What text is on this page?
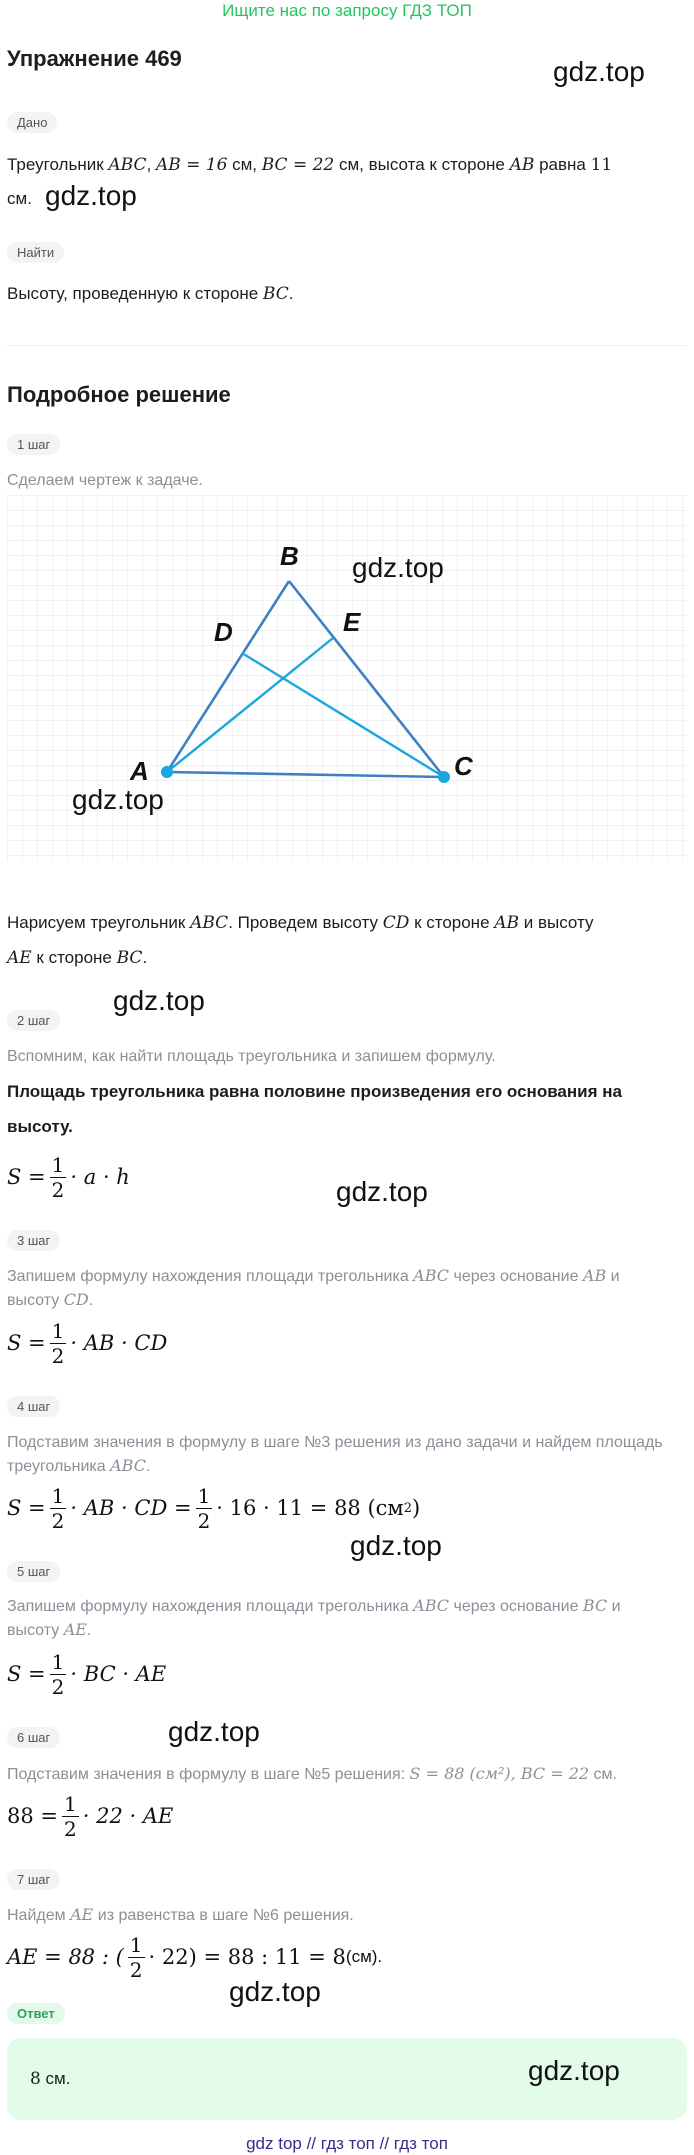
Ищите нас по запросу ГДЗ ТОП
Упражнение 469	gdz.top
Дано
Треугольник ABC, AB = 16 см, BC = 22 см, высота к стороне AB равна 11
см. gdz.top
Найти
Высоту, проведенную к стороне BC.
Подробное решение
1 шаг
Сделаем чертеж к задаче.
A
B
C
D	E
gdz.top
gdz.top
Нарисуем треугольник ABC. Проведем высоту CD к стороне AB и высоту
AE к стороне BC.
gdz.top
2 шаг
Вспомним, как найти площадь треугольника и запишем формулу.
Площадь треугольника равна половине произведения его основания на
высоту.
$S = \frac{1}{2} \cdot a \cdot h$	gdz.top
3 шаг
Запишем формулу нахождения площади трегольника ABC через основание AB и
высоту CD.
$S = \frac{1}{2}$ · AB · CD
4 шаг
Подставим значения в формулу в шаге №3 решения из дано задачи и найдем площадь
треугольника ABC.
$S = \frac{1}{2}$ · AB · CD = $\frac{1}{2} \cdot 16 \cdot 11 = 88$ (см 2 )
gdz.top
5 шаг
Запишем формулу нахождения площади трегольника ABC через основание BC и
высоту AE.
$S = \frac{1}{2}$ · BC · AE
gdz.top
6 шаг
Подставим значения в формулу в шаге №5 решения: S = 88 (см²), BC = 22 см.
$88 = \frac{1}{2} \cdot 22$ · AE
7 шаг
Найдем AE из равенства в шаге №6 решения.
AE = 88 : ( $\frac{1}{2} \cdot 22) = 88$ : 11 = 8 (см).
gdz.top
Ответ
8 см.	gdz.top
gdz top // гдз топ // гдз топ
